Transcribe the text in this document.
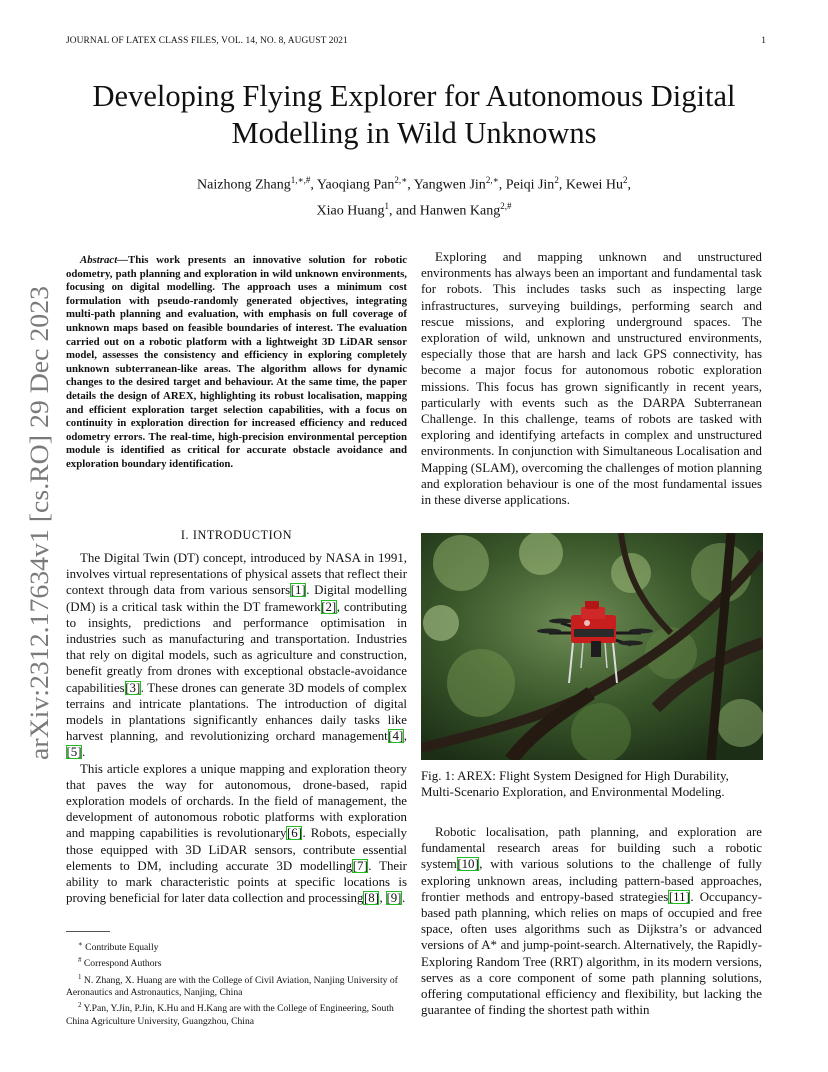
JOURNAL OF LATEX CLASS FILES, VOL. 14, NO. 8, AUGUST 2021	1
Developing Flying Explorer for Autonomous Digital Modelling in Wild Unknowns
Naizhong Zhang$^{1,∗,\#}$, Yaoqiang Pan$^{2,∗}$, Yangwen Jin$^{2,∗}$, Peiqi Jin$^2$, Kewei Hu$^2$,
Xiao Huang$^1$, and Hanwen Kang$^{2,\#}$
arXiv:2312.17634v1 [cs.RO] 29 Dec 2023

Abstract—This work presents an innovative solution for robotic odometry, path planning and exploration in wild unknown environments, focusing on digital modelling. The approach uses a minimum cost formulation with pseudo-randomly generated objectives, integrating multi-path planning and evaluation, with emphasis on full coverage of unknown maps based on feasible boundaries of interest. The evaluation carried out on a robotic platform with a lightweight 3D LiDAR sensor model, assesses the consistency and efficiency in exploring completely unknown subterranean-like areas. The algorithm allows for dynamic changes to the desired target and behaviour. At the same time, the paper details the design of AREX, highlighting its robust localisation, mapping and efficient exploration target selection capabilities, with a focus on continuity in exploration direction for increased efficiency and reduced odometry errors. The real-time, high-precision environmental perception module is identified as critical for accurate obstacle avoidance and exploration boundary identification.

I. INTRODUCTION

The Digital Twin (DT) concept, introduced by NASA in 1991, involves virtual representations of physical assets that reflect their context through data from various sensors[1]. Digital modelling (DM) is a critical task within the DT framework[2], contributing to insights, predictions and performance optimisation in industries such as manufacturing and transportation. Industries that rely on digital models, such as agriculture and construction, benefit greatly from drones with exceptional obstacle-avoidance capabilities[3]. These drones can generate 3D models of complex terrains and intricate plantations. The introduction of digital models in plantations significantly enhances daily tasks like harvest planning, and revolutionizing orchard management[4], [5].

This article explores a unique mapping and exploration theory that paves the way for autonomous, drone-based, rapid exploration models of orchards. In the field of management, the development of autonomous robotic platforms with exploration and mapping capabilities is revolutionary[6]. Robots, especially those equipped with 3D LiDAR sensors, contribute essential elements to DM, including accurate 3D modelling[7]. Their ability to mark characteristic points at specific locations is proving beneficial for later data collection and processing[8], [9].

∗ Contribute Equally

# Correspond Authors

$^1$ N. Zhang, X. Huang are with the College of Civil Aviation, Nanjing University of Aeronautics and Astronautics, Nanjing, China

$^2$ Y.Pan, Y.Jin, P.Jin, K.Hu and H.Kang are with the College of Engineering, South China Agriculture University, Guangzhou, China

Exploring and mapping unknown and unstructured environments has always been an important and fundamental task for robots. This includes tasks such as inspecting large infrastructures, surveying buildings, performing search and rescue missions, and exploring underground spaces. The exploration of wild, unknown and unstructured environments, especially those that are harsh and lack GPS connectivity, has become a major focus for autonomous robotic exploration missions. This focus has grown significantly in recent years, particularly with events such as the DARPA Subterranean Challenge. In this challenge, teams of robots are tasked with exploring and identifying artefacts in complex and unstructured environments. In conjunction with Simultaneous Localisation and Mapping (SLAM), overcoming the challenges of motion planning and exploration behaviour is one of the most fundamental issues in these diverse applications.

Fig. 1: AREX: Flight System Designed for High Durability, Multi-Scenario Exploration, and Environmental Modeling.

Robotic localisation, path planning, and exploration are fundamental research areas for building such a robotic system[10], with various solutions to the challenge of fully exploring unknown areas, including pattern-based approaches, frontier methods and entropy-based strategies[11]. Occupancy-based path planning, which relies on maps of occupied and free space, often uses algorithms such as Dijkstra’s or advanced versions of A* and jump-point-search. Alternatively, the Rapidly-Exploring Random Tree (RRT) algorithm, in its modern versions, serves as a core component of some path planning solutions, offering computational efficiency and flexibility, but lacking the guarantee of finding the shortest path within
